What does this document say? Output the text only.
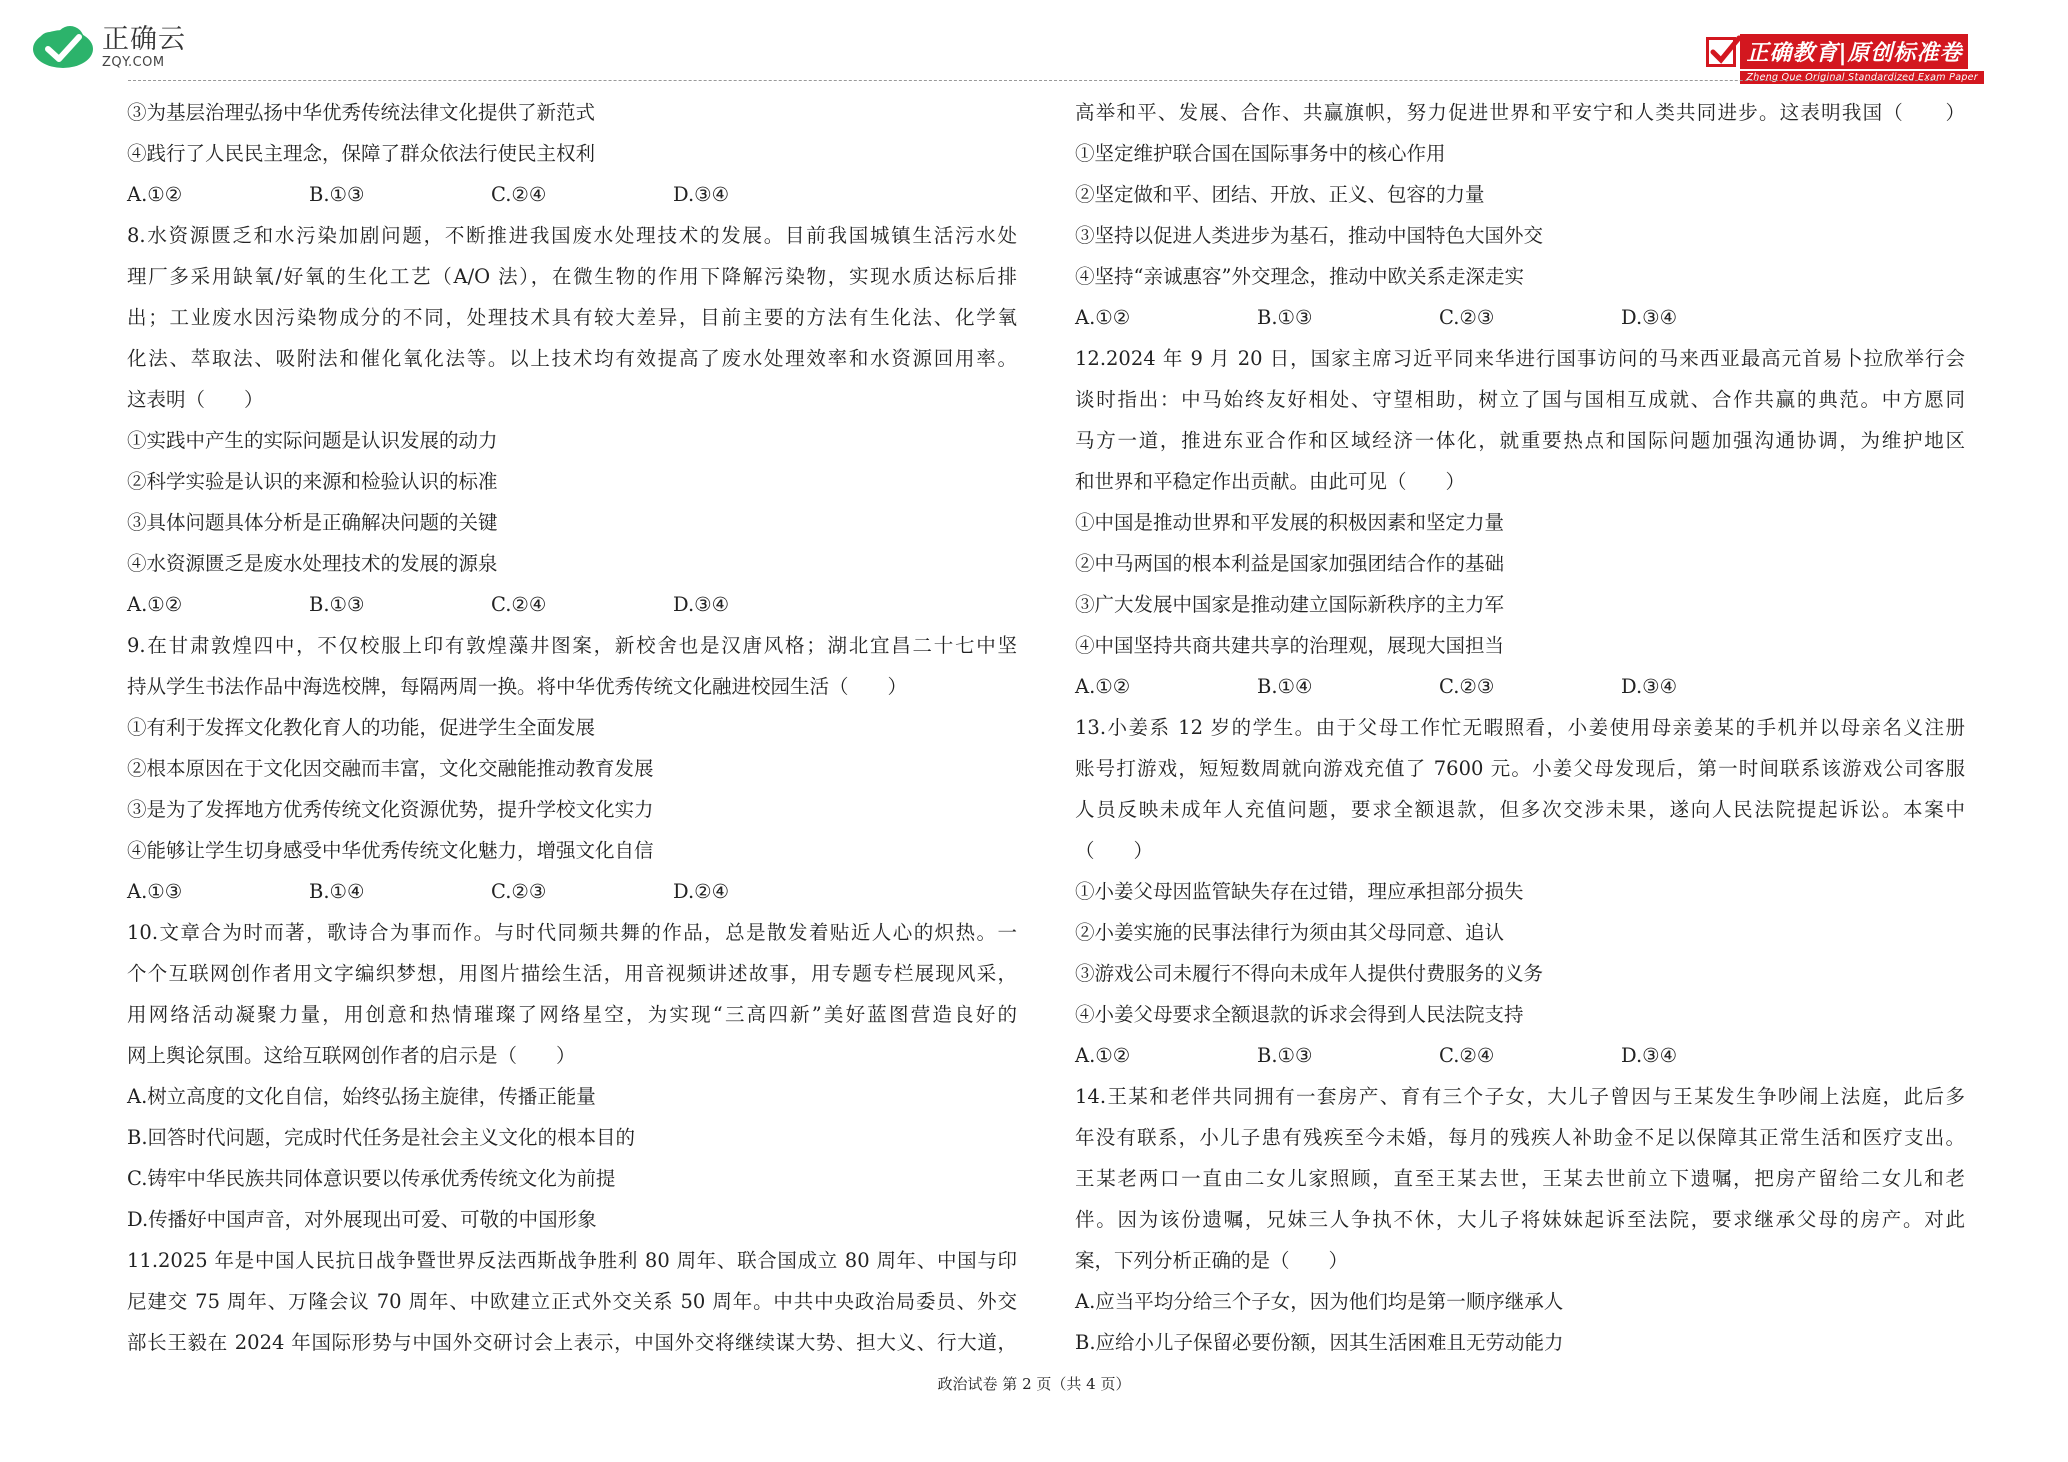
正确云
ZQY.COM	正确教育|原创标准卷
Zheng Que Original Standardized Exam Paper
③为基层治理弘扬中华优秀传统法律文化提供了新范式
④践行了人民民主理念，保障了群众依法行使民主权利
A.①②	B.①③	C.②④	D.③④
8.水资源匮乏和水污染加剧问题，不断推进我国废水处理技术的发展。目前我国城镇生活污水处
理厂多采用缺氧/好氧的生化工艺（A/O 法），在微生物的作用下降解污染物，实现水质达标后排
出；工业废水因污染物成分的不同，处理技术具有较大差异，目前主要的方法有生化法、化学氧
化法、萃取法、吸附法和催化氧化法等。以上技术均有效提高了废水处理效率和水资源回用率。
这表明（　　）
①实践中产生的实际问题是认识发展的动力
②科学实验是认识的来源和检验认识的标准
③具体问题具体分析是正确解决问题的关键
④水资源匮乏是废水处理技术的发展的源泉
A.①②	B.①③	C.②④	D.③④
9.在甘肃敦煌四中，不仅校服上印有敦煌藻井图案，新校舍也是汉唐风格；湖北宜昌二十七中坚
持从学生书法作品中海选校牌，每隔两周一换。将中华优秀传统文化融进校园生活（　　）
①有利于发挥文化教化育人的功能，促进学生全面发展
②根本原因在于文化因交融而丰富，文化交融能推动教育发展
③是为了发挥地方优秀传统文化资源优势，提升学校文化实力
④能够让学生切身感受中华优秀传统文化魅力，增强文化自信
A.①③	B.①④	C.②③	D.②④
10.文章合为时而著，歌诗合为事而作。与时代同频共舞的作品，总是散发着贴近人心的炽热。一
个个互联网创作者用文字编织梦想，用图片描绘生活，用音视频讲述故事，用专题专栏展现风采，
用网络活动凝聚力量，用创意和热情璀璨了网络星空，为实现“三高四新”美好蓝图营造良好的
网上舆论氛围。这给互联网创作者的启示是（　　）
A.树立高度的文化自信，始终弘扬主旋律，传播正能量
B.回答时代问题，完成时代任务是社会主义文化的根本目的
C.铸牢中华民族共同体意识要以传承优秀传统文化为前提
D.传播好中国声音，对外展现出可爱、可敬的中国形象
11.2025 年是中国人民抗日战争暨世界反法西斯战争胜利 80 周年、联合国成立 80 周年、中国与印
尼建交 75 周年、万隆会议 70 周年、中欧建立正式外交关系 50 周年。中共中央政治局委员、外交
部长王毅在 2024 年国际形势与中国外交研讨会上表示，中国外交将继续谋大势、担大义、行大道，
高举和平、发展、合作、共赢旗帜，努力促进世界和平安宁和人类共同进步。这表明我国（　　）
①坚定维护联合国在国际事务中的核心作用
②坚定做和平、团结、开放、正义、包容的力量
③坚持以促进人类进步为基石，推动中国特色大国外交
④坚持“亲诚惠容”外交理念，推动中欧关系走深走实
A.①②	B.①③	C.②③	D.③④
12.2024 年 9 月 20 日，国家主席习近平同来华进行国事访问的马来西亚最高元首易卜拉欣举行会
谈时指出：中马始终友好相处、守望相助，树立了国与国相互成就、合作共赢的典范。中方愿同
马方一道，推进东亚合作和区域经济一体化，就重要热点和国际问题加强沟通协调，为维护地区
和世界和平稳定作出贡献。由此可见（　　）
①中国是推动世界和平发展的积极因素和坚定力量
②中马两国的根本利益是国家加强团结合作的基础
③广大发展中国家是推动建立国际新秩序的主力军
④中国坚持共商共建共享的治理观，展现大国担当
A.①②	B.①④	C.②③	D.③④
13.小姜系 12 岁的学生。由于父母工作忙无暇照看，小姜使用母亲姜某的手机并以母亲名义注册
账号打游戏，短短数周就向游戏充值了 7600 元。小姜父母发现后，第一时间联系该游戏公司客服
人员反映未成年人充值问题，要求全额退款，但多次交涉未果，遂向人民法院提起诉讼。本案中
（　　）
①小姜父母因监管缺失存在过错，理应承担部分损失
②小姜实施的民事法律行为须由其父母同意、追认
③游戏公司未履行不得向未成年人提供付费服务的义务
④小姜父母要求全额退款的诉求会得到人民法院支持
A.①②	B.①③	C.②④	D.③④
14.王某和老伴共同拥有一套房产、育有三个子女，大儿子曾因与王某发生争吵闹上法庭，此后多
年没有联系，小儿子患有残疾至今未婚，每月的残疾人补助金不足以保障其正常生活和医疗支出。
王某老两口一直由二女儿家照顾，直至王某去世，王某去世前立下遗嘱，把房产留给二女儿和老
伴。因为该份遗嘱，兄妹三人争执不休，大儿子将妹妹起诉至法院，要求继承父母的房产。对此
案，下列分析正确的是（　　）
A.应当平均分给三个子女，因为他们均是第一顺序继承人
B.应给小儿子保留必要份额，因其生活困难且无劳动能力
政治试卷 第 2 页（共 4 页）
